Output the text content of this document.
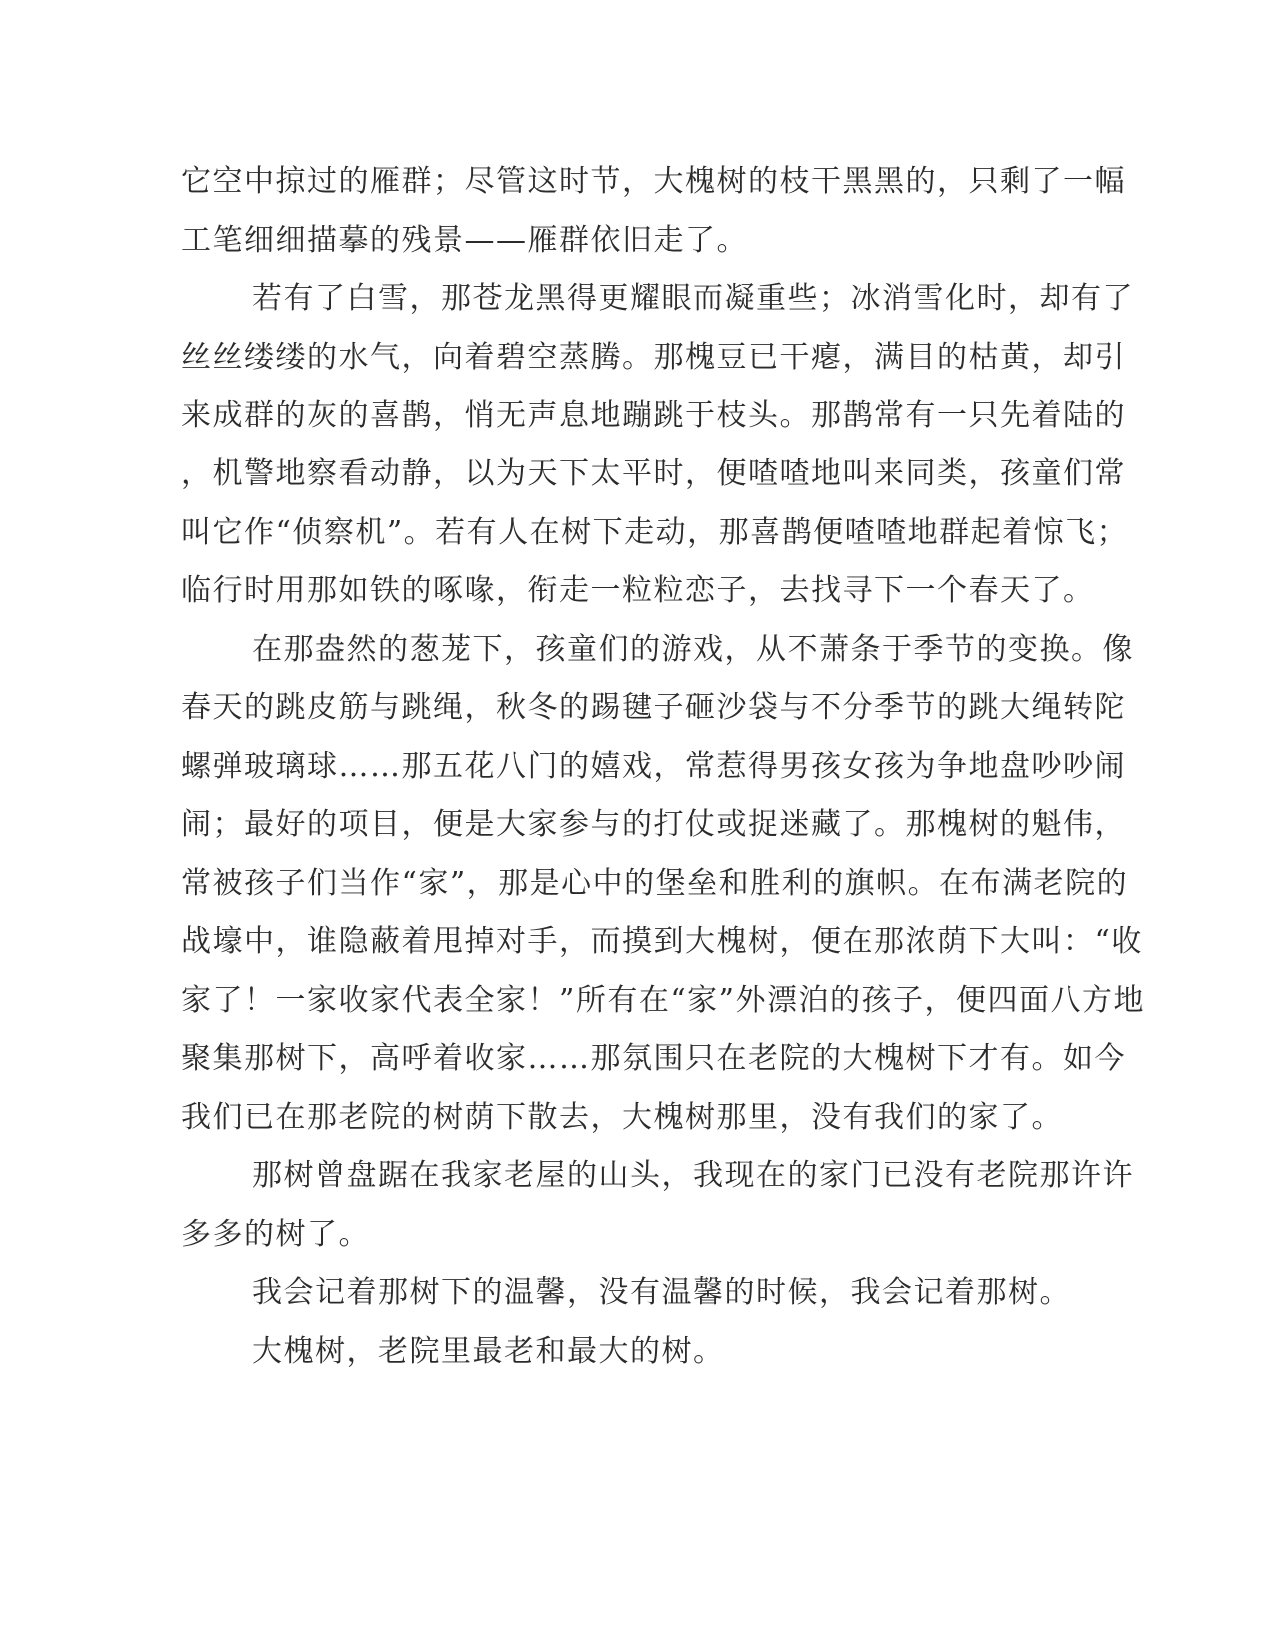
它空中掠过的雁群；尽管这时节，大槐树的枝干黑黑的，只剩了一幅
工笔细细描摹的残景——雁群依旧走了。
若有了白雪，那苍龙黑得更耀眼而凝重些；冰消雪化时，却有了
丝丝缕缕的水气，向着碧空蒸腾。那槐豆已干瘪，满目的枯黄，却引
来成群的灰的喜鹊，悄无声息地蹦跳于枝头。那鹊常有一只先着陆的
，机警地察看动静，以为天下太平时，便喳喳地叫来同类，孩童们常
叫它作“侦察机”。若有人在树下走动，那喜鹊便喳喳地群起着惊飞；
临行时用那如铁的啄喙，衔走一粒粒恋子，去找寻下一个春天了。
在那盎然的葱茏下，孩童们的游戏，从不萧条于季节的变换。像
春天的跳皮筋与跳绳，秋冬的踢毽子砸沙袋与不分季节的跳大绳转陀
螺弹玻璃球……那五花八门的嬉戏，常惹得男孩女孩为争地盘吵吵闹
闹；最好的项目，便是大家参与的打仗或捉迷藏了。那槐树的魁伟，
常被孩子们当作“家”，那是心中的堡垒和胜利的旗帜。在布满老院的
战壕中，谁隐蔽着甩掉对手，而摸到大槐树，便在那浓荫下大叫：“收
家了！一家收家代表全家！”所有在“家”外漂泊的孩子，便四面八方地
聚集那树下，高呼着收家……那氛围只在老院的大槐树下才有。如今
我们已在那老院的树荫下散去，大槐树那里，没有我们的家了。
那树曾盘踞在我家老屋的山头，我现在的家门已没有老院那许许
多多的树了。
我会记着那树下的温馨，没有温馨的时候，我会记着那树。
大槐树，老院里最老和最大的树。
